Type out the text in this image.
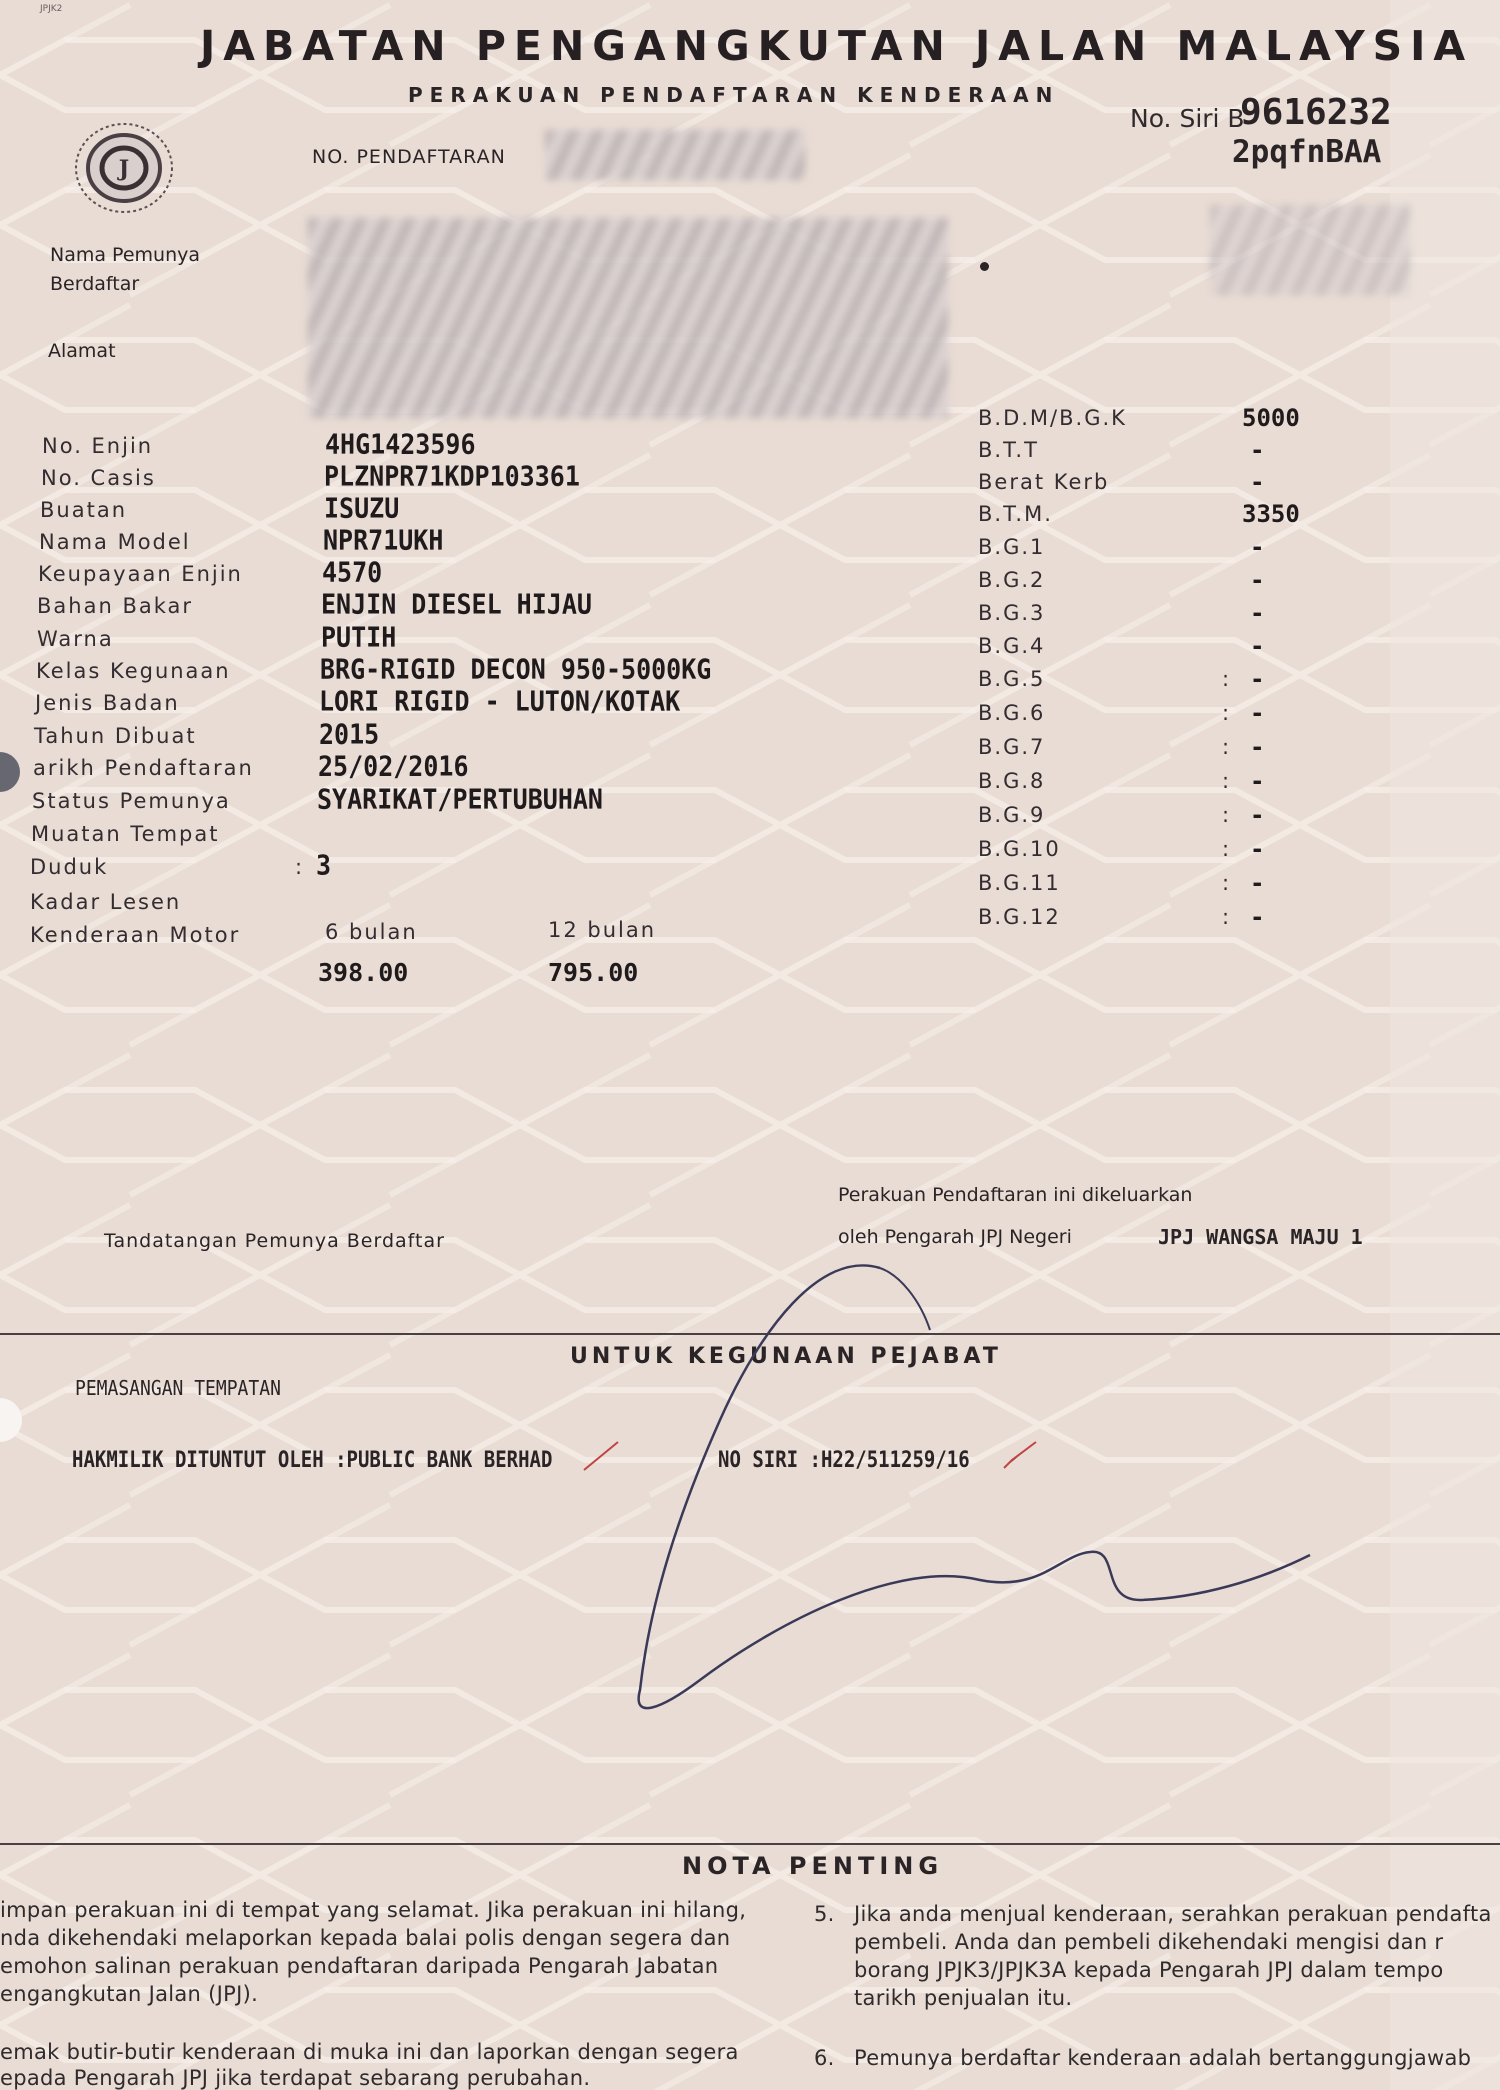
JPJK2
J
JABATAN PENGANGKUTAN JALAN MALAYSIA
PERAKUAN PENDAFTARAN KENDERAAN
No. Siri B
9616232
2pqfnBAA
NO. PENDAFTARAN
Nama Pemunya
Berdaftar
Alamat
No. Enjin	4HG1423596
No. Casis	PLZNPR71KDP103361
Buatan	ISUZU
Nama Model	NPR71UKH
Keupayaan Enjin	4570
Bahan Bakar	ENJIN DIESEL HIJAU
Warna	PUTIH
Kelas Kegunaan	BRG-RIGID DECON 950-5000KG
Jenis Badan	LORI RIGID - LUTON/KOTAK
Tahun Dibuat	2015
arikh Pendaftaran	25/02/2016
Status Pemunya	SYARIKAT/PERTUBUHAN
Muatan Tempat
Duduk	3
:
Kadar Lesen
Kenderaan Motor	6 bulan	12 bulan
398.00	795.00
B.D.M/B.G.K	5000
B.T.T	-
Berat Kerb	-
B.T.M.	3350
B.G.1	-
B.G.2	-
B.G.3	-
B.G.4	-
B.G.5	: -
B.G.6	: -
B.G.7	: -
B.G.8	: -
B.G.9	: -
B.G.10	: -
B.G.11	: -
B.G.12	: -
Tandatangan Pemunya Berdaftar
Perakuan Pendaftaran ini dikeluarkan
oleh Pengarah JPJ Negeri	JPJ WANGSA MAJU 1
UNTUK KEGUNAAN PEJABAT
PEMASANGAN TEMPATAN
HAKMILIK DITUNTUT OLEH :PUBLIC BANK BERHAD	NO SIRI :H22/511259/16
NOTA PENTING
impan perakuan ini di tempat yang selamat. Jika perakuan ini hilang,
nda dikehendaki melaporkan kepada balai polis dengan segera dan
emohon salinan perakuan pendaftaran daripada Pengarah Jabatan
engangkutan Jalan (JPJ).
emak butir-butir kenderaan di muka ini dan laporkan dengan segera
epada Pengarah JPJ jika terdapat sebarang perubahan.
5. Jika anda menjual kenderaan, serahkan perakuan pendafta
pembeli. Anda dan pembeli dikehendaki mengisi dan r
borang JPJK3/JPJK3A kepada Pengarah JPJ dalam tempo
tarikh penjualan itu.
6. Pemunya berdaftar kenderaan adalah bertanggungjawab
